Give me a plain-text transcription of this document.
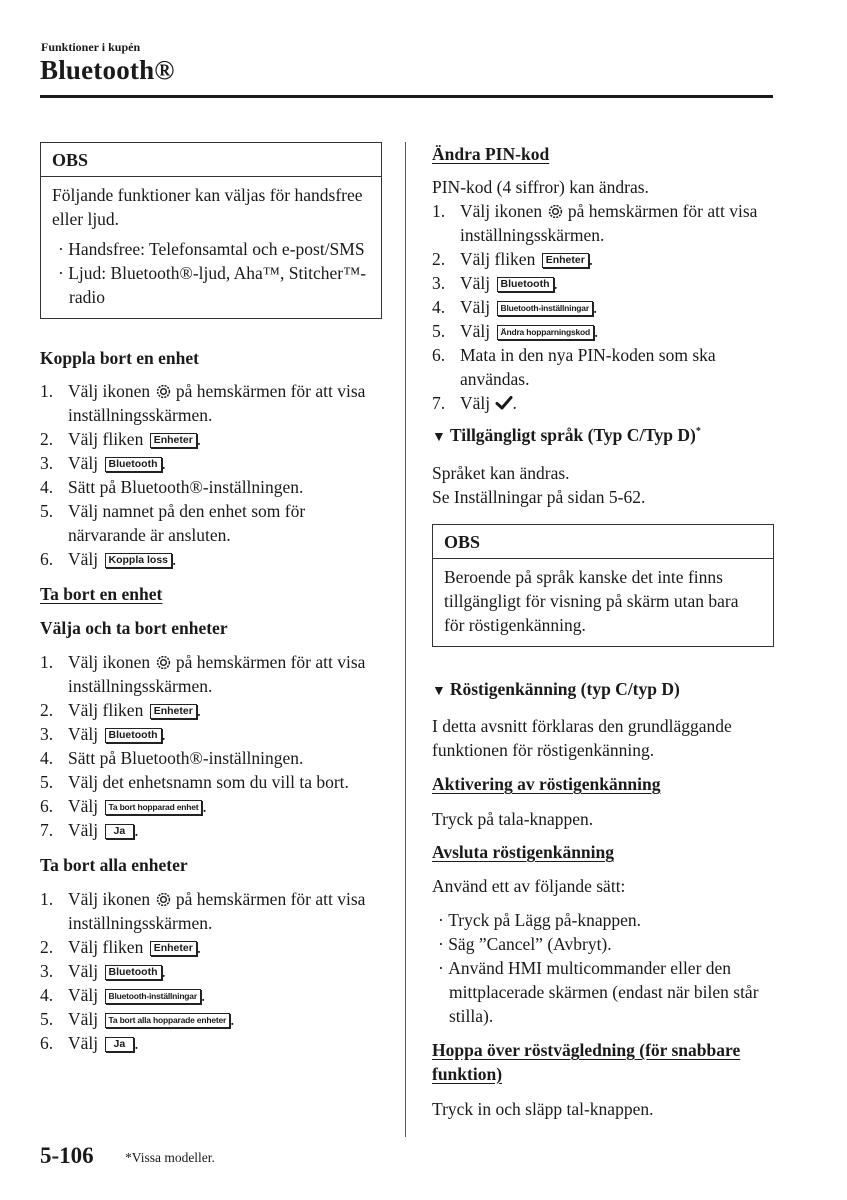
Funktioner i kupén
Bluetooth®
OBS

Följande funktioner kan väljas för handsfree eller ljud.

· Handsfree: Telefonsamtal och e-post/SMS
· Ljud: Bluetooth®-ljud, Aha™, Stitcher™-radio
Koppla bort en enhet
1. Välj ikonen på hemskärmen för att visa inställningsskärmen.
2. Välj fliken Enheter .
3. Välj Bluetooth .
4. Sätt på Bluetooth®-inställningen.
5. Välj namnet på den enhet som för närvarande är ansluten.
6. Välj Koppla loss .
Ta bort en enhet
Välja och ta bort enheter
1. Välj ikonen på hemskärmen för att visa inställningsskärmen.
2. Välj fliken Enheter .
3. Välj Bluetooth .
4. Sätt på Bluetooth®-inställningen.
5. Välj det enhetsnamn som du vill ta bort.
6. Välj Ta bort hopparad enhet .
7. Välj Ja .
Ta bort alla enheter
1. Välj ikonen på hemskärmen för att visa inställningsskärmen.
2. Välj fliken Enheter .
3. Välj Bluetooth .
4. Välj Bluetooth-inställningar .
5. Välj Ta bort alla hopparade enheter .
6. Välj Ja .
Ändra PIN-kod

PIN-kod (4 siffror) kan ändras.

1. Välj ikonen på hemskärmen för att visa inställningsskärmen.
2. Välj fliken Enheter .
3. Välj Bluetooth .
4. Välj Bluetooth-inställningar .
5. Välj Ändra hopparningskod .
6. Mata in den nya PIN-koden som ska användas.
7. Välj .
▼ Tillgängligt språk (Typ C/Typ D)*

Språket kan ändras.

Se Inställningar på sidan 5-62.

OBS

Beroende på språk kanske det inte finns tillgängligt för visning på skärm utan bara för röstigenkänning.

▼ Röstigenkänning (typ C/typ D)

I detta avsnitt förklaras den grundläggande funktionen för röstigenkänning.

Aktivering av röstigenkänning

Tryck på tala-knappen.

Avsluta röstigenkänning

Använd ett av följande sätt:

· Tryck på Lägg på-knappen.
· Säg ”Cancel” (Avbryt).
· Använd HMI multicommander eller den mittplacerade skärmen (endast när bilen står stilla).
Hoppa över röstvägledning (för snabbare funktion)

Tryck in och släpp tal-knappen.

5-106 *Vissa modeller.
